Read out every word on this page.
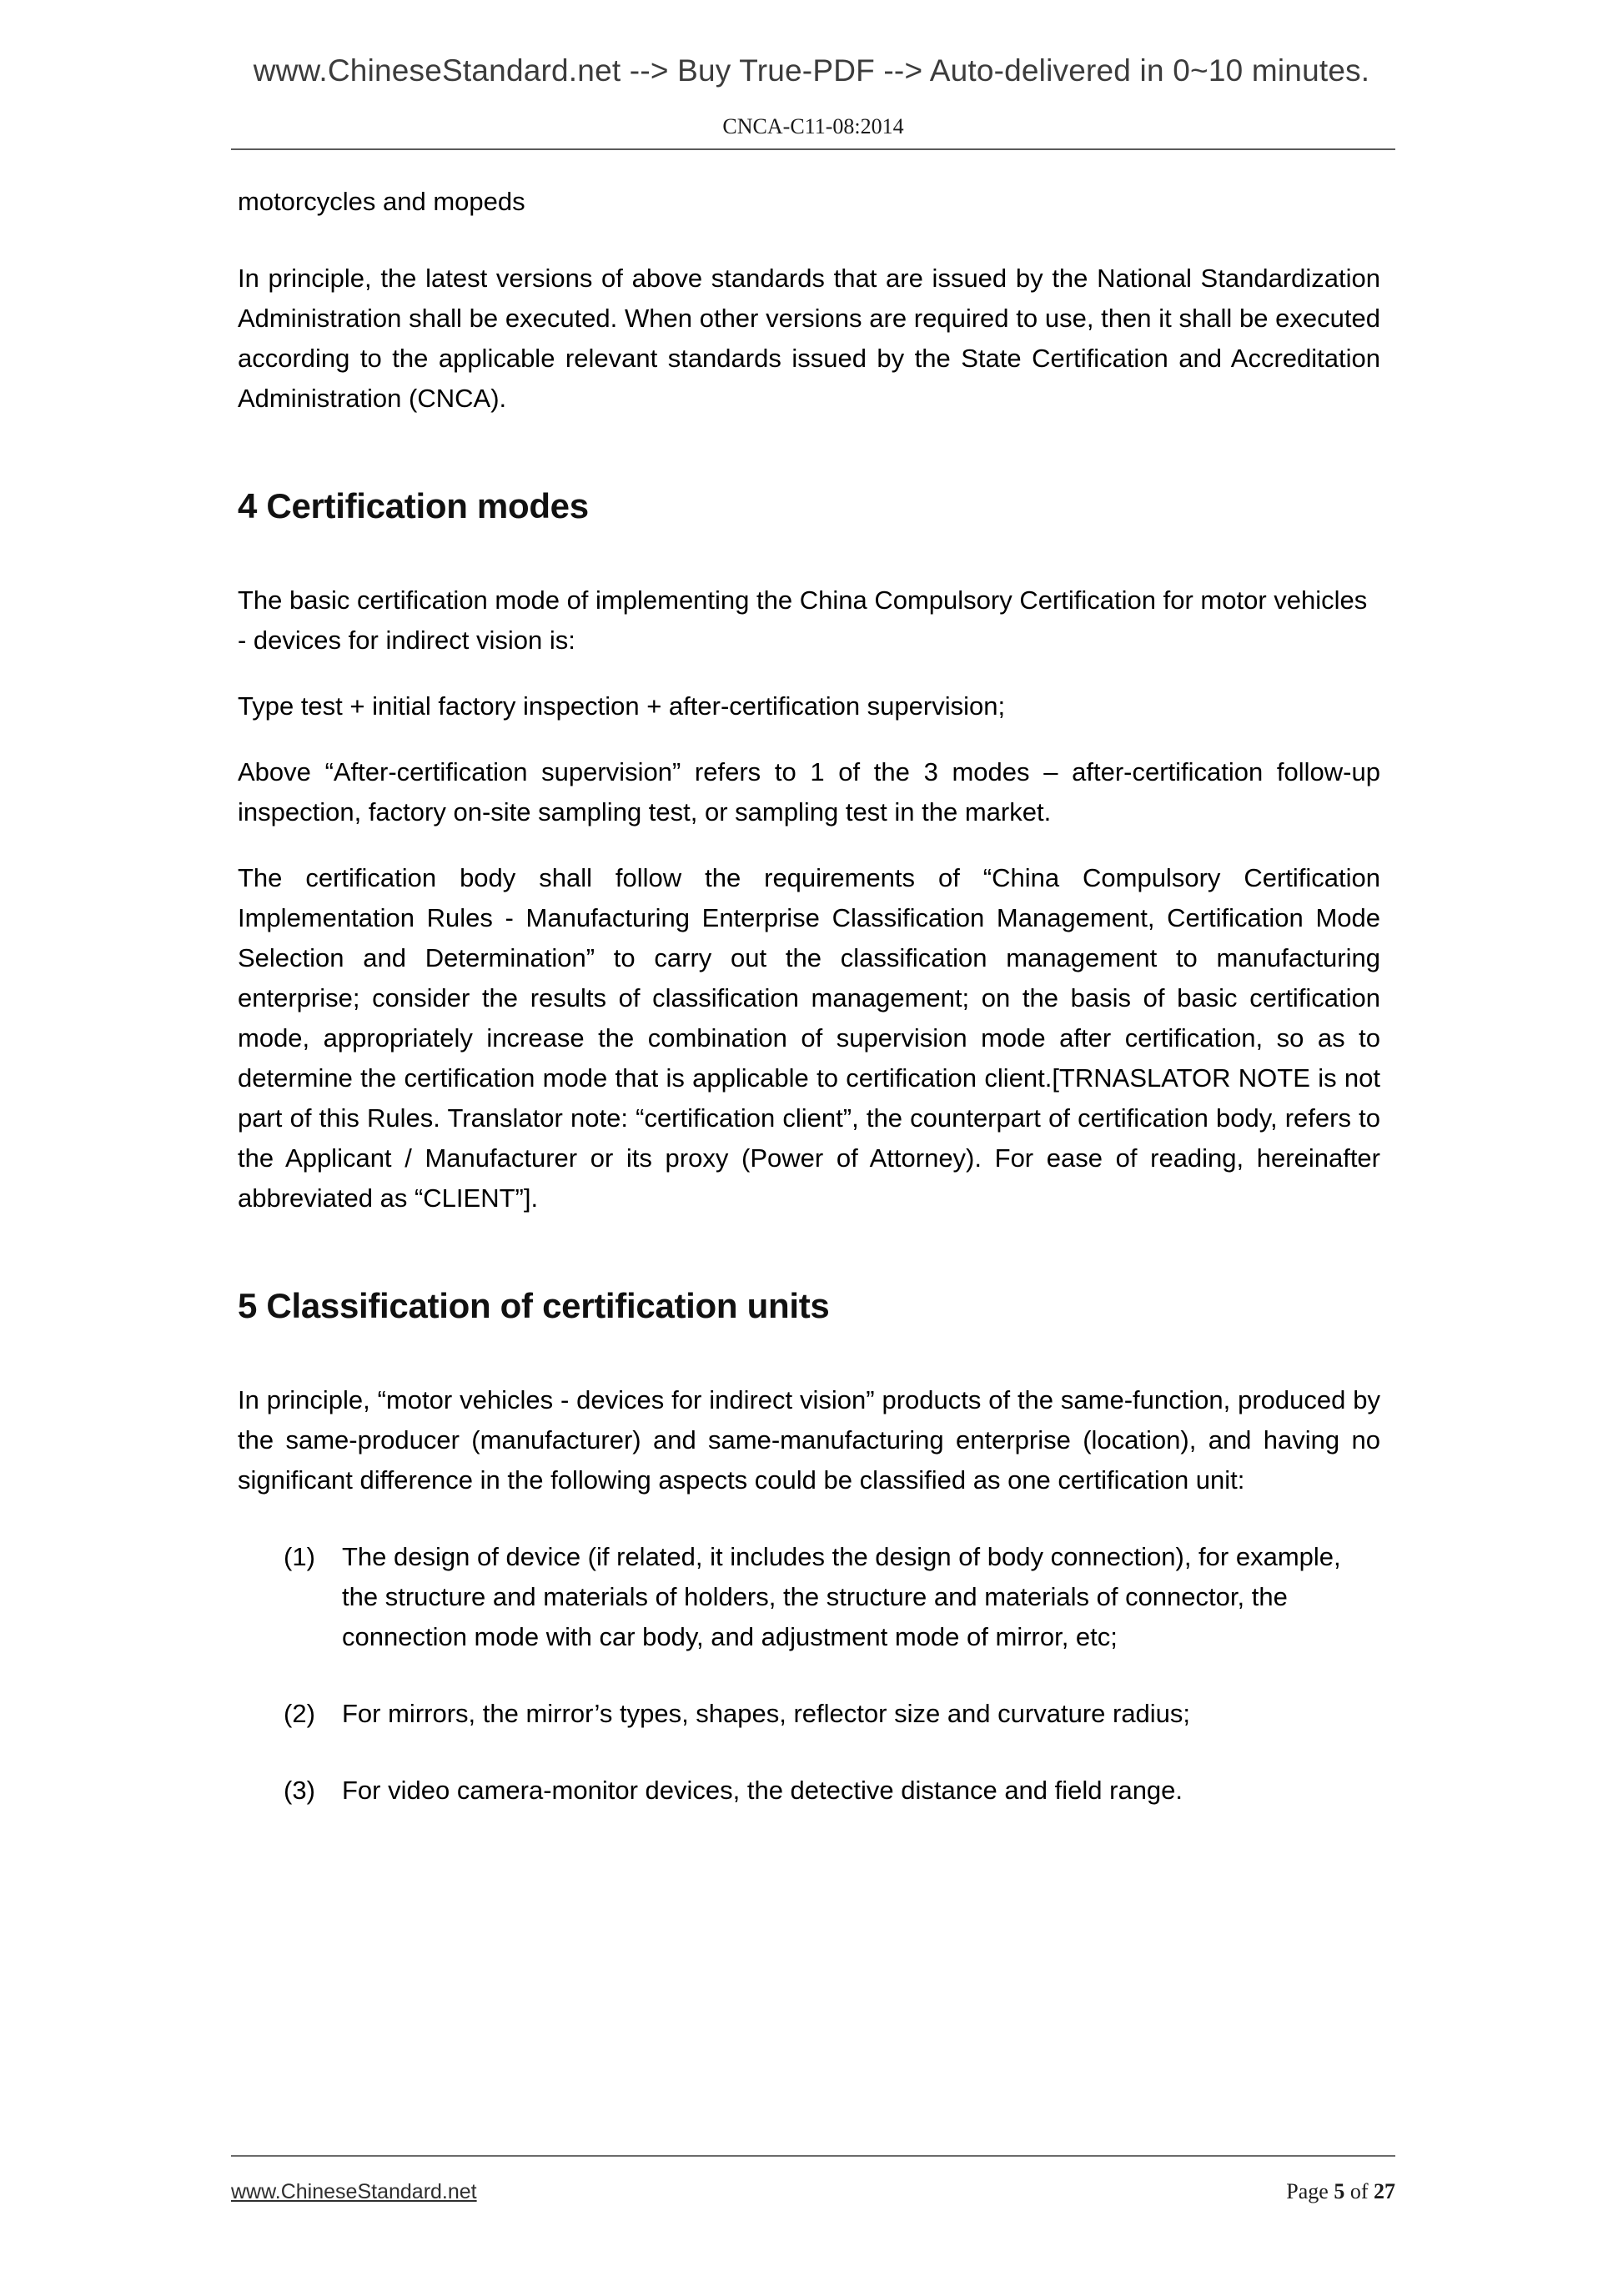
www.ChineseStandard.net --> Buy True-PDF --> Auto-delivered in 0~10 minutes.
CNCA-C11-08:2014

motorcycles and mopeds

In principle, the latest versions of above standards that are issued by the National Standardization Administration shall be executed. When other versions are required to use, then it shall be executed according to the applicable relevant standards issued by the State Certification and Accreditation Administration (CNCA).

4 Certification modes

The basic certification mode of implementing the China Compulsory Certification for motor vehicles - devices for indirect vision is:

Type test + initial factory inspection + after-certification supervision;

Above “After-certification supervision” refers to 1 of the 3 modes – after-certification follow-up inspection, factory on-site sampling test, or sampling test in the market.

The certification body shall follow the requirements of “China Compulsory Certification Implementation Rules - Manufacturing Enterprise Classification Management, Certification Mode Selection and Determination” to carry out the classification management to manufacturing enterprise; consider the results of classification management; on the basis of basic certification mode, appropriately increase the combination of supervision mode after certification, so as to determine the certification mode that is applicable to certification client.[TRNASLATOR NOTE is not part of this Rules. Translator note: “certification client”, the counterpart of certification body, refers to the Applicant / Manufacturer or its proxy (Power of Attorney). For ease of reading, hereinafter abbreviated as “CLIENT”].

5 Classification of certification units

In principle, “motor vehicles - devices for indirect vision” products of the same-function, produced by the same-producer (manufacturer) and same-manufacturing enterprise (location), and having no significant difference in the following aspects could be classified as one certification unit:

(1)	The design of device (if related, it includes the design of body connection), for example, the structure and materials of holders, the structure and materials of connector, the connection mode with car body, and adjustment mode of mirror, etc;
(2)	For mirrors, the mirror’s types, shapes, reflector size and curvature radius;
(3)	For video camera-monitor devices, the detective distance and field range.
www.ChineseStandard.net	Page 5 of 27
